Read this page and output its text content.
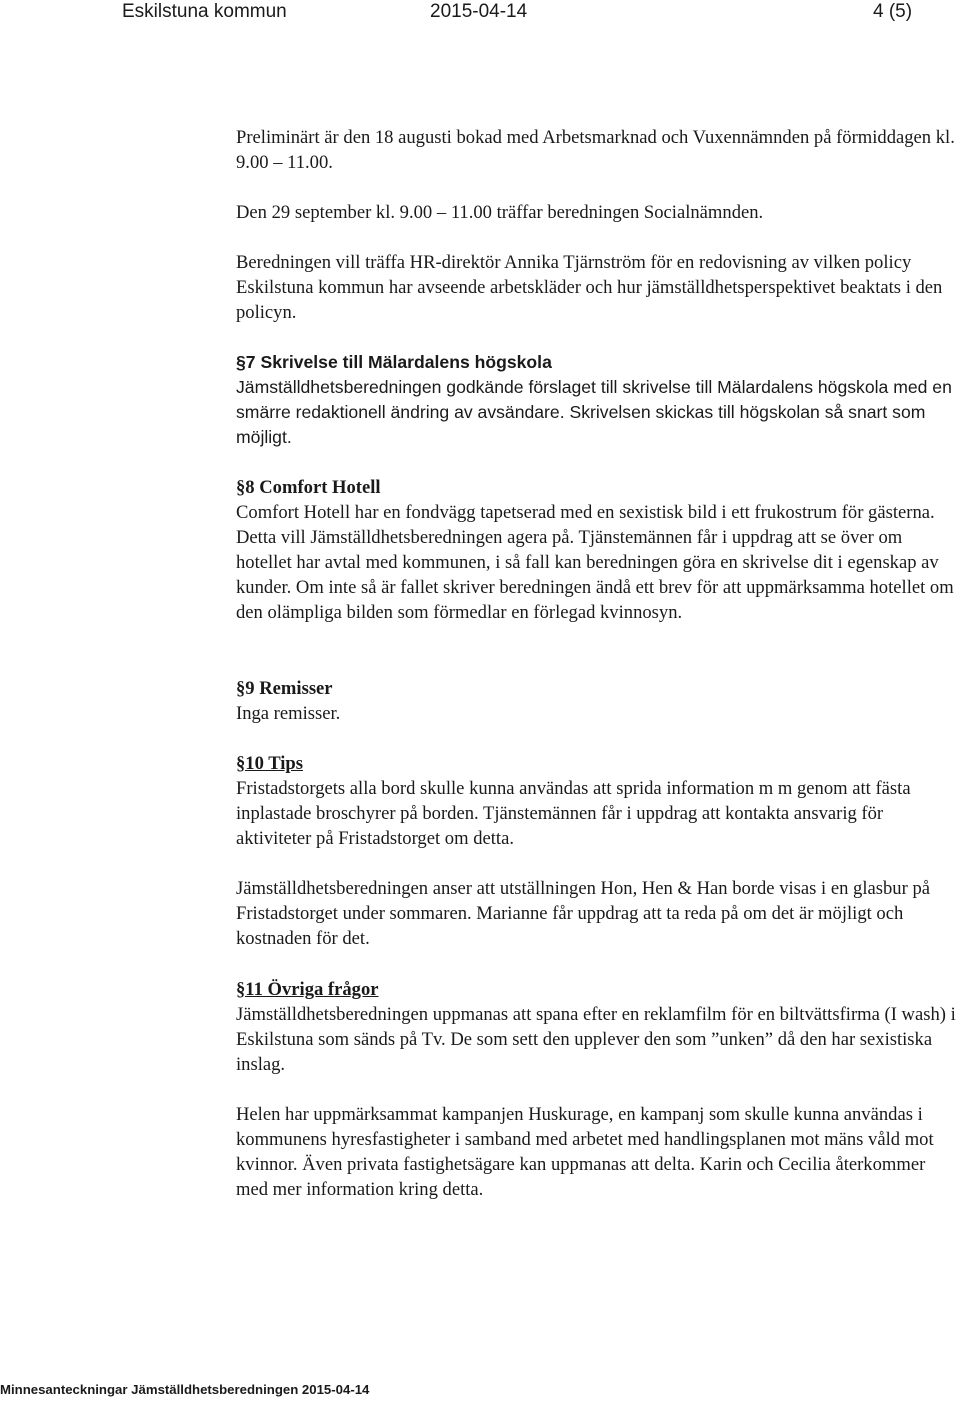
Eskilstuna kommun	2015-04-14	4 (5)

Preliminärt är den 18 augusti bokad med Arbetsmarknad och Vuxennämnden på förmiddagen kl. 9.00 – 11.00.

Den 29 september kl. 9.00 – 11.00 träffar beredningen Socialnämnden.

Beredningen vill träffa HR-direktör Annika Tjärnström för en redovisning av vilken policy Eskilstuna kommun har avseende arbetskläder och hur jämställdhetsperspektivet beaktats i den policyn.

§7 Skrivelse till Mälardalens högskola

Jämställdhetsberedningen godkände förslaget till skrivelse till Mälardalens högskola med en smärre redaktionell ändring av avsändare. Skrivelsen skickas till högskolan så snart som möjligt.

§8 Comfort Hotell

Comfort Hotell har en fondvägg tapetserad med en sexistisk bild i ett frukostrum för gästerna. Detta vill Jämställdhetsberedningen agera på. Tjänstemännen får i uppdrag att se över om hotellet har avtal med kommunen, i så fall kan beredningen göra en skrivelse dit i egenskap av kunder. Om inte så är fallet skriver beredningen ändå ett brev för att uppmärksamma hotellet om den olämpliga bilden som förmedlar en förlegad kvinnosyn.

§9 Remisser

Inga remisser.

§10 Tips

Fristadstorgets alla bord skulle kunna användas att sprida information m m genom att fästa inplastade broschyrer på borden. Tjänstemännen får i uppdrag att kontakta ansvarig för aktiviteter på Fristadstorget om detta.

Jämställdhetsberedningen anser att utställningen Hon, Hen & Han borde visas i en glasbur på Fristadstorget under sommaren. Marianne får uppdrag att ta reda på om det är möjligt och kostnaden för det.

§11 Övriga frågor

Jämställdhetsberedningen uppmanas att spana efter en reklamfilm för en biltvättsfirma (I wash) i Eskilstuna som sänds på Tv. De som sett den upplever den som ”unken” då den har sexistiska inslag.

Helen har uppmärksammat kampanjen Huskurage, en kampanj som skulle kunna användas i kommunens hyresfastigheter i samband med arbetet med handlingsplanen mot mäns våld mot kvinnor. Även privata fastighetsägare kan uppmanas att delta. Karin och Cecilia återkommer med mer information kring detta.

Minnesanteckningar Jämställdhetsberedningen 2015-04-14
